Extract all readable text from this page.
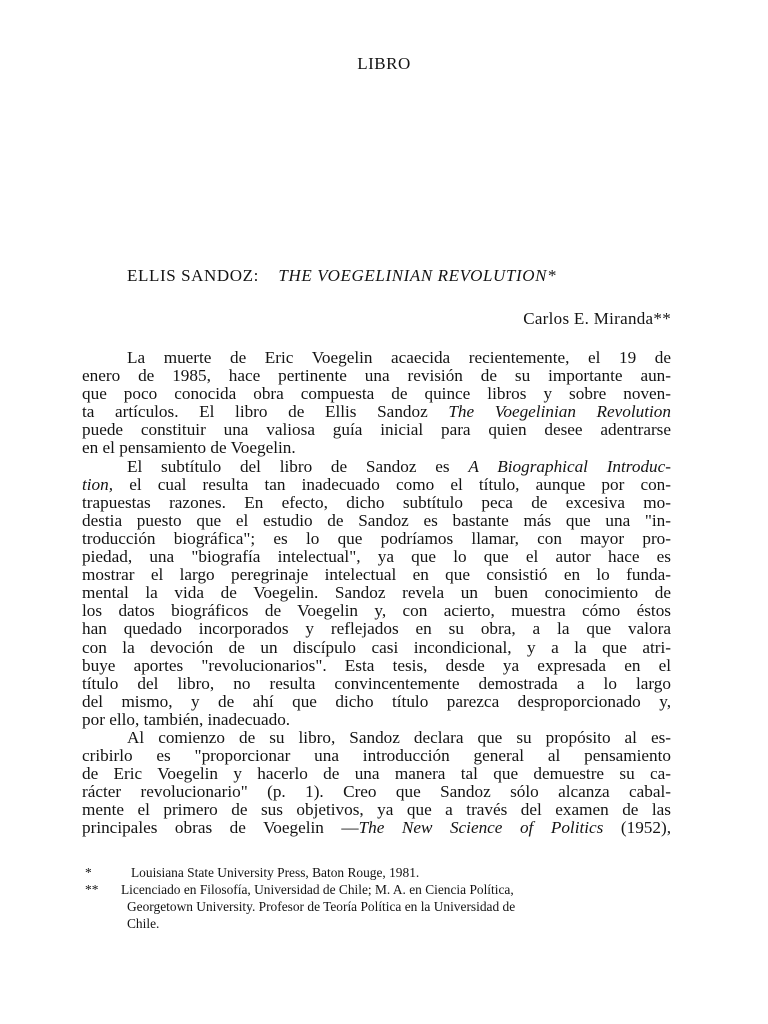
LIBRO
ELLIS SANDOZ: THE VOEGELINIAN REVOLUTION*
Carlos E. Miranda**
La muerte de Eric Voegelin acaecida recientemente, el 19 de
enero de 1985, hace pertinente una revisión de su importante aun-
que poco conocida obra compuesta de quince libros y sobre noven-
ta artículos. El libro de Ellis Sandoz The Voegelinian Revolution
puede constituir una valiosa guía inicial para quien desee adentrarse
en el pensamiento de Voegelin.
El subtítulo del libro de Sandoz es A Biographical Introduc-
tion, el cual resulta tan inadecuado como el título, aunque por con-
trapuestas razones. En efecto, dicho subtítulo peca de excesiva mo-
destia puesto que el estudio de Sandoz es bastante más que una "in-
troducción biográfica"; es lo que podríamos llamar, con mayor pro-
piedad, una "biografía intelectual", ya que lo que el autor hace es
mostrar el largo peregrinaje intelectual en que consistió en lo funda-
mental la vida de Voegelin. Sandoz revela un buen conocimiento de
los datos biográficos de Voegelin y, con acierto, muestra cómo éstos
han quedado incorporados y reflejados en su obra, a la que valora
con la devoción de un discípulo casi incondicional, y a la que atri-
buye aportes "revolucionarios". Esta tesis, desde ya expresada en el
título del libro, no resulta convincentemente demostrada a lo largo
del mismo, y de ahí que dicho título parezca desproporcionado y,
por ello, también, inadecuado.
Al comienzo de su libro, Sandoz declara que su propósito al es-
cribirlo es "proporcionar una introducción general al pensamiento
de Eric Voegelin y hacerlo de una manera tal que demuestre su ca-
rácter revolucionario" (p. 1). Creo que Sandoz sólo alcanza cabal-
mente el primero de sus objetivos, ya que a través del examen de las
principales obras de Voegelin —The New Science of Politics (1952),
*	Louisiana State University Press, Baton Rouge, 1981.
**	Licenciado en Filosofía, Universidad de Chile; M. A. en Ciencia Política,
Georgetown University. Profesor de Teoría Política en la Universidad de
Chile.
